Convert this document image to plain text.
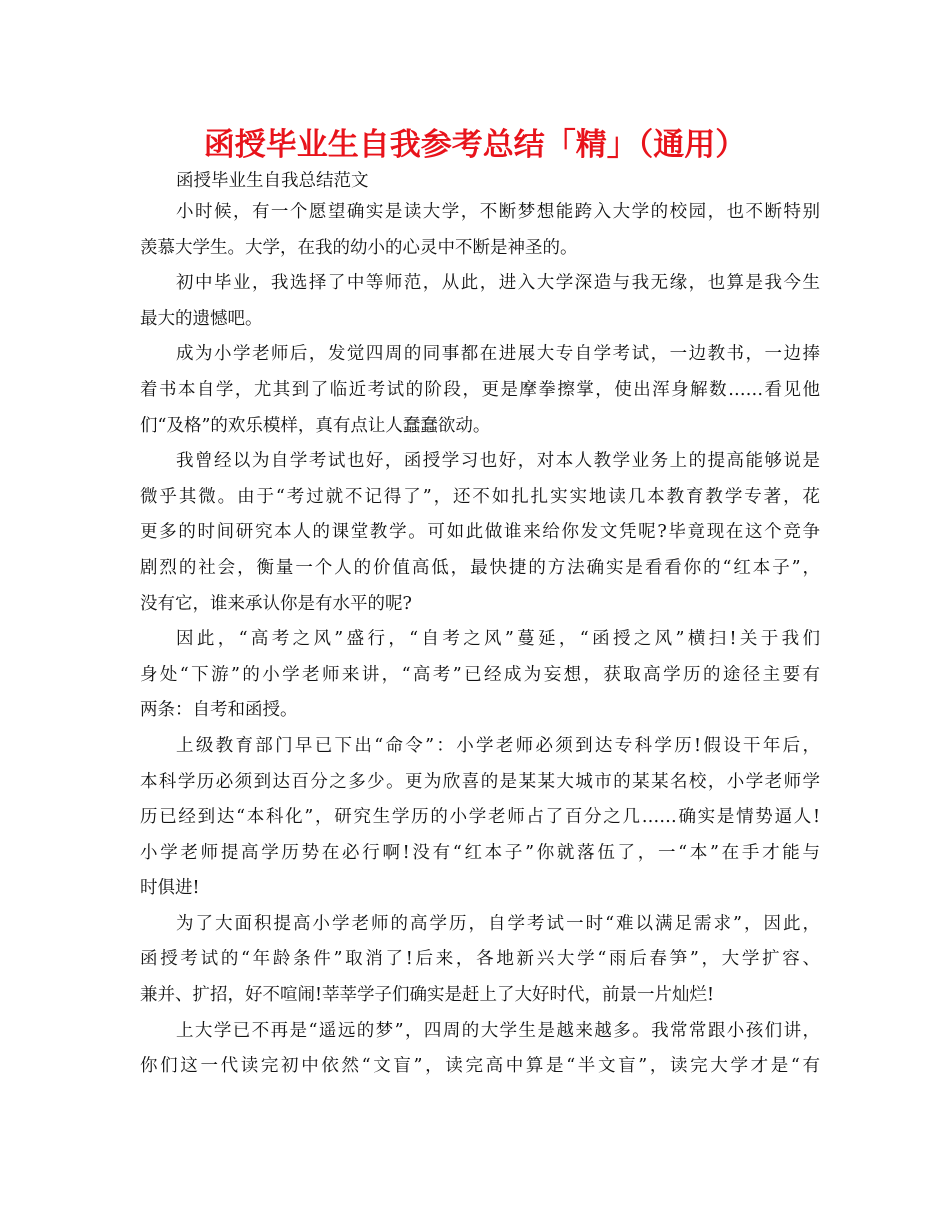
函授毕业生自我参考总结「精」（通用）
函授毕业生自我总结范文

小时候，有一个愿望确实是读大学，不断梦想能跨入大学的校园，也不断特别
羡慕大学生。大学，在我的幼小的心灵中不断是神圣的。

初中毕业，我选择了中等师范，从此，进入大学深造与我无缘，也算是我今生
最大的遗憾吧。

成为小学老师后，发觉四周的同事都在进展大专自学考试，一边教书，一边捧
着书本自学，尤其到了临近考试的阶段，更是摩拳擦掌，使出浑身解数……看见他
们“及格”的欢乐模样，真有点让人蠢蠢欲动。

我曾经以为自学考试也好，函授学习也好，对本人教学业务上的提高能够说是
微乎其微。由于“考过就不记得了”，还不如扎扎实实地读几本教育教学专著，花
更多的时间研究本人的课堂教学。可如此做谁来给你发文凭呢?毕竟现在这个竞争
剧烈的社会，衡量一个人的价值高低，最快捷的方法确实是看看你的“红本子”，
没有它，谁来承认你是有水平的呢?

因此，“高考之风”盛行，“自考之风”蔓延，“函授之风”横扫!关于我们
身处“下游”的小学老师来讲，“高考”已经成为妄想，获取高学历的途径主要有
两条：自考和函授。

上级教育部门早已下出“命令”：小学老师必须到达专科学历!假设干年后，
本科学历必须到达百分之多少。更为欣喜的是某某大城市的某某名校，小学老师学
历已经到达“本科化”，研究生学历的小学老师占了百分之几……确实是情势逼人!
小学老师提高学历势在必行啊!没有“红本子”你就落伍了，一“本”在手才能与
时俱进!

为了大面积提高小学老师的高学历，自学考试一时“难以满足需求”，因此，
函授考试的“年龄条件”取消了!后来，各地新兴大学“雨后春笋”，大学扩容、
兼并、扩招，好不喧闹!莘莘学子们确实是赶上了大好时代，前景一片灿烂!

上大学已不再是“遥远的梦”，四周的大学生是越来越多。我常常跟小孩们讲，
你们这一代读完初中依然“文盲”，读完高中算是“半文盲”，读完大学才是“有
